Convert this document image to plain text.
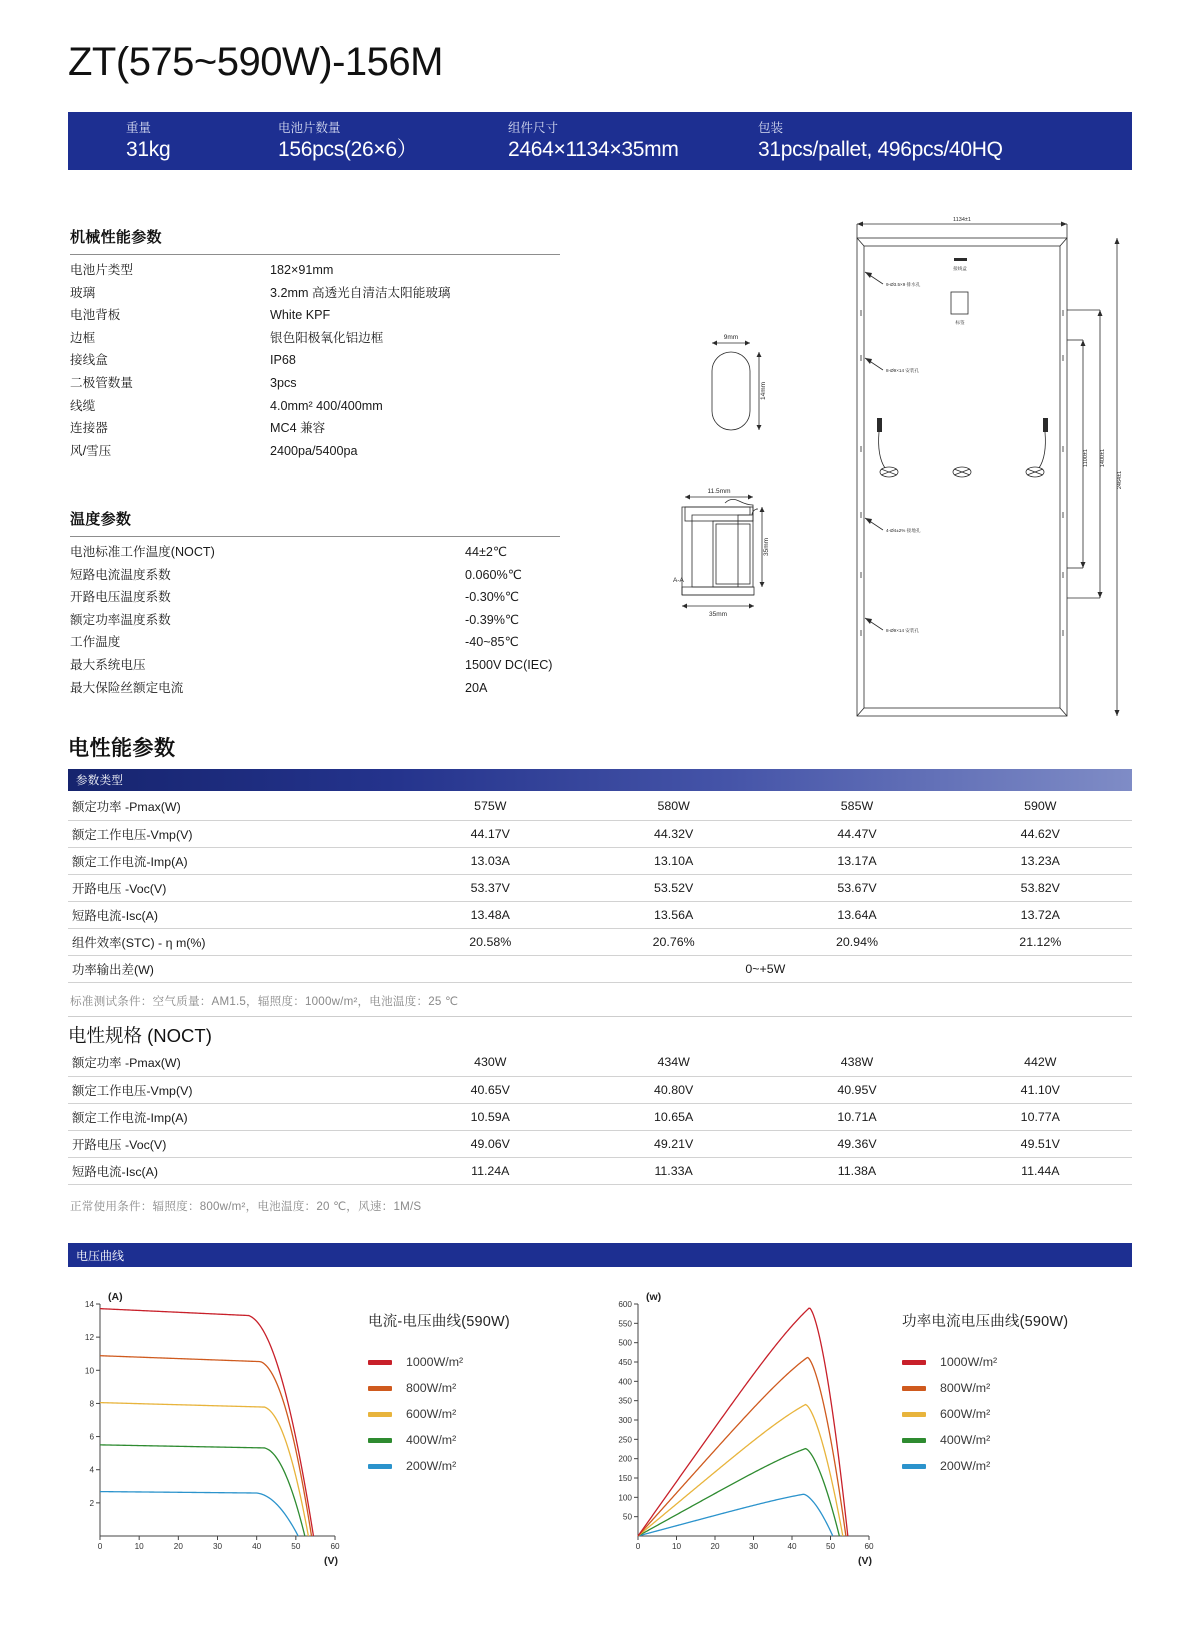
ZT(575~590W)-156M
重量
31kg
电池片数量
156pcs(26×6）
组件尺寸
2464×1134×35mm
包装
31pcs/pallet, 496pcs/40HQ
机械性能参数
电池片类型	182×91mm
玻璃	3.2mm 高透光自清洁太阳能玻璃
电池背板	White KPF
边框	银色阳极氧化铝边框
接线盒	IP68
二极管数量	3pcs
线缆	4.0mm² 400/400mm
连接器	MC4 兼容
风/雪压	2400pa/5400pa
温度参数
电池标准工作温度(NOCT)	44±2℃
短路电流温度系数	0.060%℃
开路电压温度系数	-0.30%℃
额定功率温度系数	-0.39%℃
工作温度	-40~85℃
最大系统电压	1500V DC(IEC)
最大保险丝额定电流	20A
1134±1
2464±1
1400±1
1100±1
9mm
14mm
11.5mm
35mm
35mm
A-A
9-Ø3.5×9 排水孔
8-Ø9×14 安装孔
4-Ø4±2% 接地孔
8-Ø9×14 安装孔
接线盒
标签
电性能参数
参数类型
额定功率 -Pmax(W)	575W	580W	585W	590W
额定工作电压-Vmp(V)	44.17V	44.32V	44.47V	44.62V
额定工作电流-Imp(A)	13.03A	13.10A	13.17A	13.23A
开路电压 -Voc(V)	53.37V	53.52V	53.67V	53.82V
短路电流-Isc(A)	13.48A	13.56A	13.64A	13.72A
组件效率(STC) - η m(%)	20.58%	20.76%	20.94%	21.12%
功率输出差(W)	0~+5W			
标准测试条件：空气质量：AM1.5，辐照度：1000w/m²，电池温度：25 ℃
电性规格 (NOCT)
额定功率 -Pmax(W)	430W	434W	438W	442W
额定工作电压-Vmp(V)	40.65V	40.80V	40.95V	41.10V
额定工作电流-Imp(A)	10.59A	10.65A	10.71A	10.77A
开路电压 -Voc(V)	49.06V	49.21V	49.36V	49.51V
短路电流-Isc(A)	11.24A	11.33A	11.38A	11.44A
正常使用条件：辐照度：800w/m²，电池温度：20 ℃，风速：1M/S
电压曲线
0	10	20	30	40	50	60
2
4
6
8
10
12
14
(A)
(V)
电流-电压曲线(590W)
1000W/m²
800W/m²
600W/m²
400W/m²
200W/m²
0	10	20	30	40	50	60
50
100
150
200
250
300
350
400
450
500
550
600
(w)
(V)
功率电流电压曲线(590W)
1000W/m²
800W/m²
600W/m²
400W/m²
200W/m²
